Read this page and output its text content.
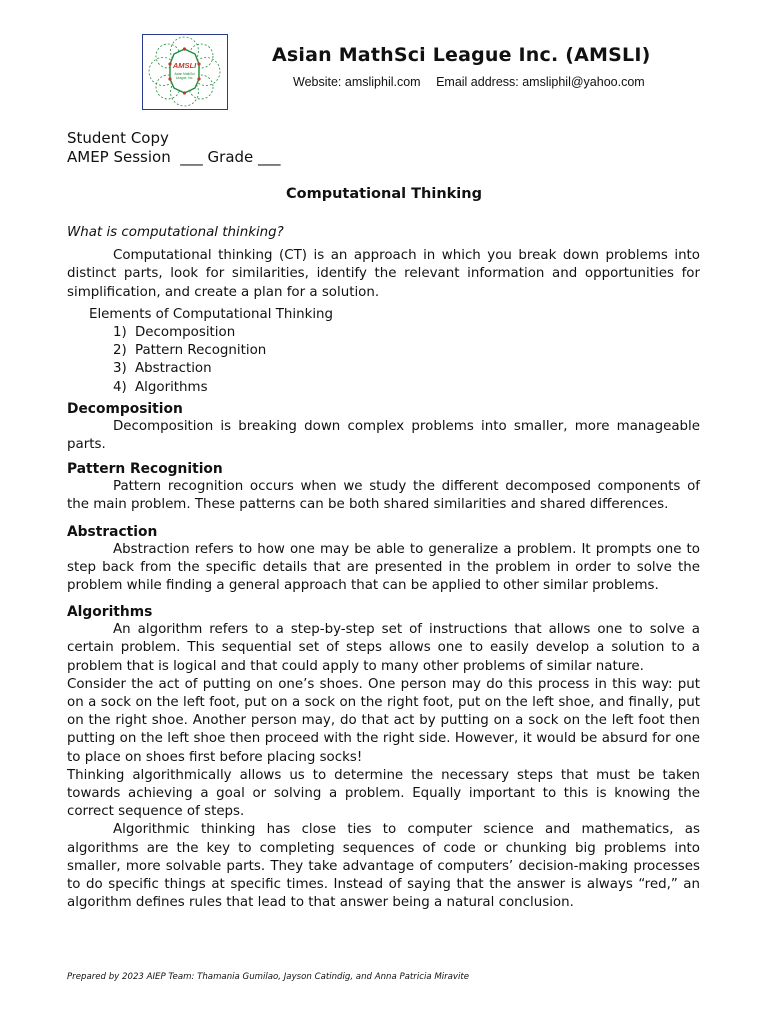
AMSLI
Asian MathSci
League, Inc.
Asian MathSci League Inc. (AMSLI)
Website: amsliphil.com Email address: amsliphil@yahoo.com
Student Copy
AMEP Session  ___ Grade ___
Computational Thinking

What is computational thinking?

Computational thinking (CT) is an approach in which you break down problems into distinct parts, look for similarities, identify the relevant information and opportunities for simplification, and create a plan for a solution.

Elements of Computational Thinking

1) Decomposition
2) Pattern Recognition
3) Abstraction
4) Algorithms
Decomposition

Decomposition is breaking down complex problems into smaller, more manageable parts.

Pattern Recognition

Pattern recognition occurs when we study the different decomposed components of the main problem. These patterns can be both shared similarities and shared differences.

Abstraction

Abstraction refers to how one may be able to generalize a problem. It prompts one to step back from the specific details that are presented in the problem in order to solve the problem while finding a general approach that can be applied to other similar problems.

Algorithms

An algorithm refers to a step-by-step set of instructions that allows one to solve a certain problem. This sequential set of steps allows one to easily develop a solution to a problem that is logical and that could apply to many other problems of similar nature.

Consider the act of putting on one’s shoes. One person may do this process in this way: put on a sock on the left foot, put on a sock on the right foot, put on the left shoe, and finally, put on the right shoe. Another person may, do that act by putting on a sock on the left foot then putting on the left shoe then proceed with the right side. However, it would be absurd for one to place on shoes first before placing socks!

Thinking algorithmically allows us to determine the necessary steps that must be taken towards achieving a goal or solving a problem. Equally important to this is knowing the correct sequence of steps.

Algorithmic thinking has close ties to computer science and mathematics, as algorithms are the key to completing sequences of code or chunking big problems into smaller, more solvable parts. They take advantage of computers’ decision-making processes to do specific things at specific times. Instead of saying that the answer is always “red,” an algorithm defines rules that lead to that answer being a natural conclusion.

Prepared by 2023 AIEP Team: Thamania Gumilao, Jayson Catindig, and Anna Patricia Miravite
